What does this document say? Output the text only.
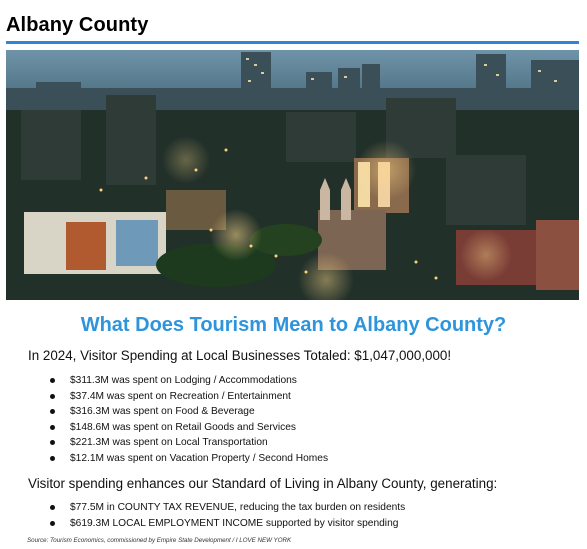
Albany County
What Does Tourism Mean to Albany County?
In 2024, Visitor Spending at Local Businesses Totaled: $1,047,000,000!
$311.3M was spent on Lodging / Accommodations
$37.4M was spent on Recreation / Entertainment
$316.3M was spent on Food & Beverage
$148.6M was spent on Retail Goods and Services
$221.3M was spent on Local Transportation
$12.1M was spent on Vacation Property / Second Homes
Visitor spending enhances our Standard of Living in Albany County, generating:
$77.5M in COUNTY TAX REVENUE, reducing the tax burden on residents
$619.3M LOCAL EMPLOYMENT INCOME supported by visitor spending
Source: Tourism Economics, commissioned by Empire State Development / I LOVE NEW YORK
